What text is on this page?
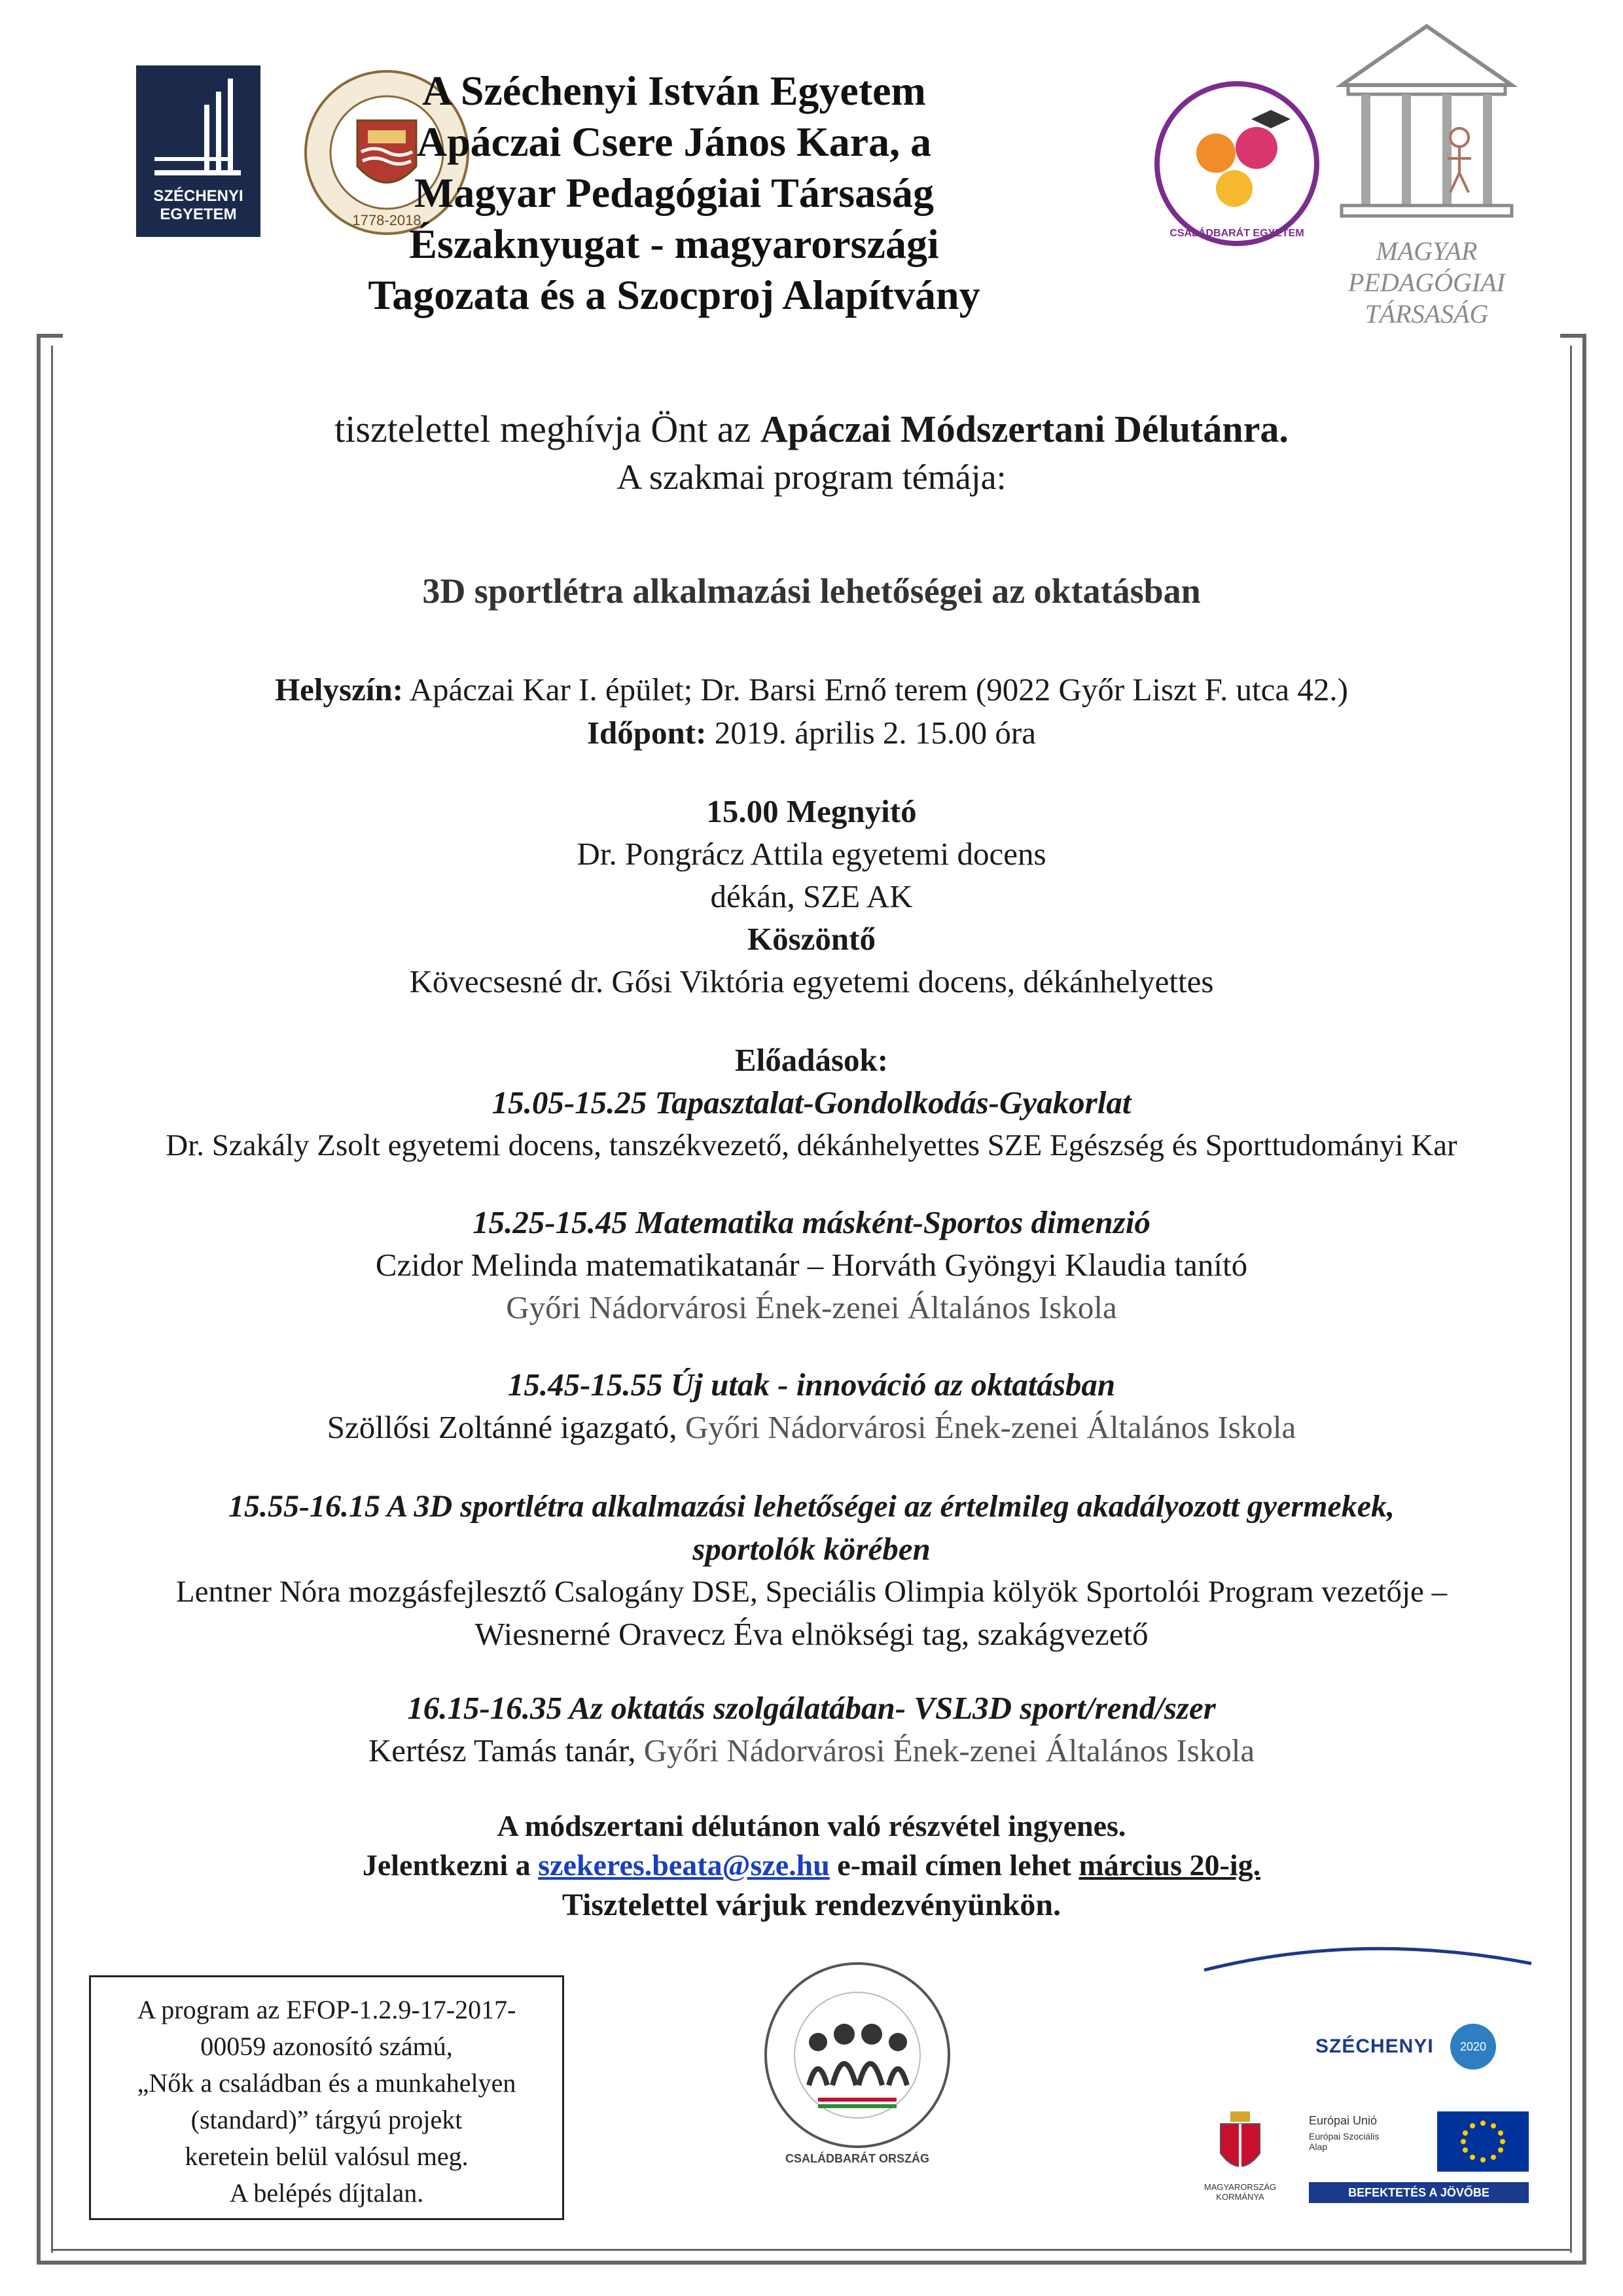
SZÉCHENYI
EGYETEM	1778-2018
A Széchenyi István Egyetem
Apáczai Csere János Kara, a
Magyar Pedagógiai Társaság
Északnyugat - magyarországi
Tagozata és a Szocproj Alapítvány
CSALÁDBARÁT EGYETEM
MAGYAR
PEDAGÓGIAI
TÁRSASÁG
tisztelettel meghívja Önt az Apáczai Módszertani Délutánra.
A szakmai program témája:
3D sportlétra alkalmazási lehetőségei az oktatásban
Helyszín: Apáczai Kar I. épület; Dr. Barsi Ernő terem (9022 Győr Liszt F. utca 42.)
Időpont: 2019. április 2. 15.00 óra
15.00 Megnyitó
Dr. Pongrácz Attila egyetemi docens
dékán, SZE AK
Köszöntő
Kövecsesné dr. Gősi Viktória egyetemi docens, dékánhelyettes
Előadások:
15.05-15.25 Tapasztalat-Gondolkodás-Gyakorlat
Dr. Szakály Zsolt egyetemi docens, tanszékvezető, dékánhelyettes SZE Egészség és Sporttudományi Kar
15.25-15.45 Matematika másként-Sportos dimenzió
Czidor Melinda matematikatanár – Horváth Gyöngyi Klaudia tanító
Győri Nádorvárosi Ének-zenei Általános Iskola
15.45-15.55 Új utak - innováció az oktatásban
Szöllősi Zoltánné igazgató, Győri Nádorvárosi Ének-zenei Általános Iskola
15.55-16.15 A 3D sportlétra alkalmazási lehetőségei az értelmileg akadályozott gyermekek,
sportolók körében
Lentner Nóra mozgásfejlesztő Csalogány DSE, Speciális Olimpia kölyök Sportolói Program vezetője –
Wiesnerné Oravecz Éva elnökségi tag, szakágvezető
16.15-16.35 Az oktatás szolgálatában- VSL3D sport/rend/szer
Kertész Tamás tanár, Győri Nádorvárosi Ének-zenei Általános Iskola
A módszertani délutánon való részvétel ingyenes.
Jelentkezni a szekeres.beata@sze.hu e-mail címen lehet március 20-ig.
Tisztelettel várjuk rendezvényünkön.
A program az EFOP-1.2.9-17-2017-
00059 azonosító számú,
„Nők a családban és a munkahelyen
(standard)” tárgyú projekt
keretein belül valósul meg.
A belépés díjtalan.
CSALÁDBARÁT ORSZÁG
SZÉCHENYI	2020
MAGYARORSZÁG KORMÁNYA
Európai Unió
Európai Szociális Alap
BEFEKTETÉS A JÖVŐBE
